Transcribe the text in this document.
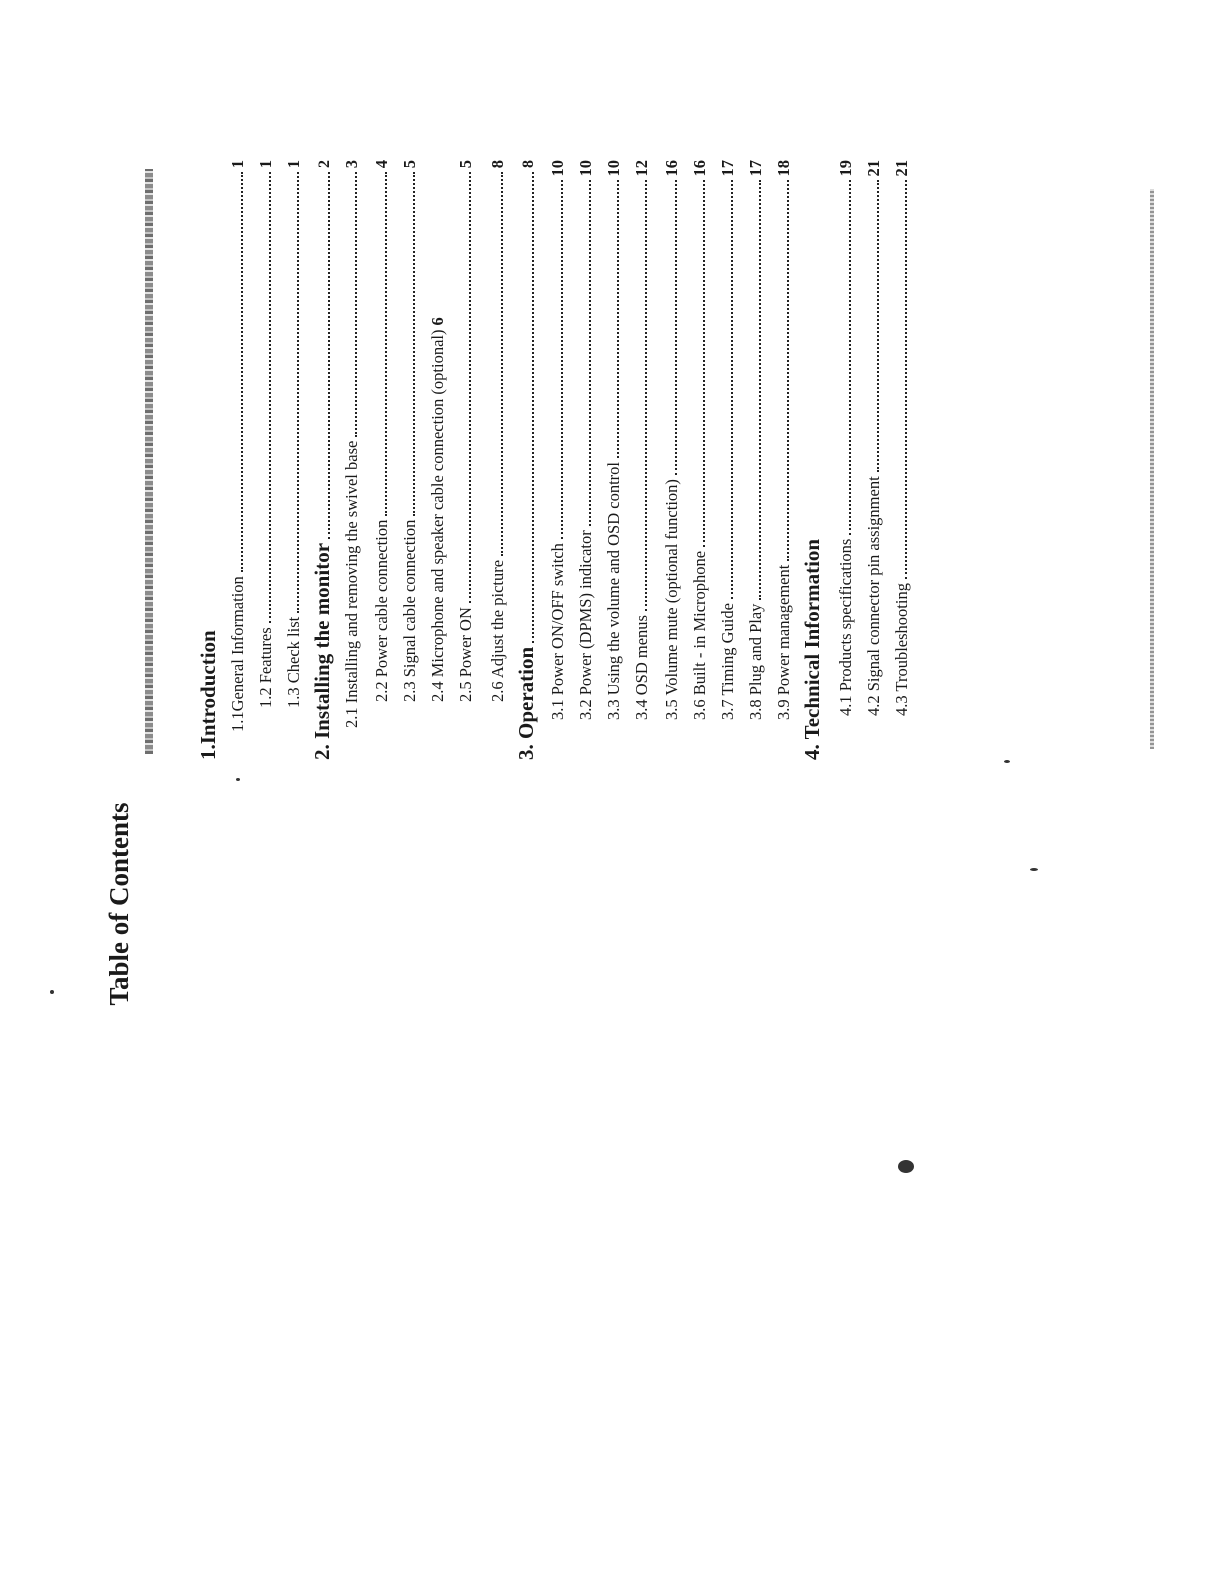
Table of Contents
1.Introduction 1.1General Information
1
1.2 Features
1
1.3 Check list
1
2. Installing the monitor
2
2.1 Installing and removing the swivel base
3
2.2 Power cable connection
4
2.3 Signal cable connection
5
2.4 Microphone and speaker cable connection (optional)
6
2.5 Power ON
5
2.6 Adjust the picture
8
3. Operation
8
3.1 Power ON/OFF switch
10
3.2 Power (DPMS) indicator
10
3.3 Using the volume and OSD control
10
3.4 OSD menus
12
3.5 Volume mute (optional function)
16
3.6 Built - in Microphone
16
3.7 Timing Guide
17
3.8 Plug and Play
17
3.9 Power management
18
4. Technical Information 4.1 Products specifications
19
4.2 Signal connector pin assignment
21
4.3 Troubleshooting
21
